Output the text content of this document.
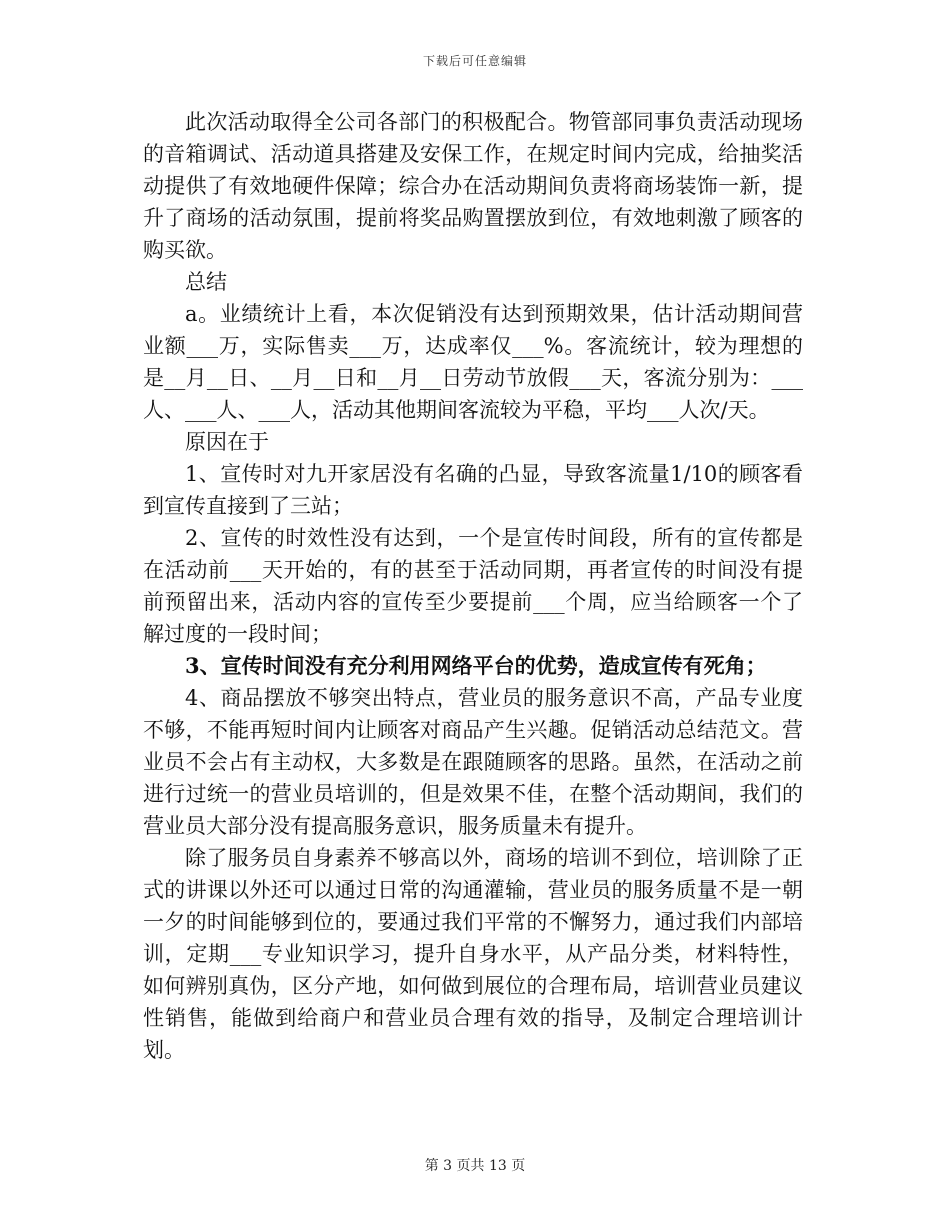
下载后可任意编辑

此次活动取得全公司各部门的积极配合。物管部同事负责活动现场的音箱调试、活动道具搭建及安保工作，在规定时间内完成，给抽奖活动提供了有效地硬件保障；综合办在活动期间负责将商场装饰一新，提升了商场的活动氛围，提前将奖品购置摆放到位，有效地刺激了顾客的购买欲。

总结

a。业绩统计上看，本次促销没有达到预期效果，估计活动期间营业额___万，实际售卖___万，达成率仅___%。客流统计，较为理想的是__月__日、__月__日和__月__日劳动节放假___天，客流分别为：___人、___人、___人，活动其他期间客流较为平稳，平均___人次/天。

原因在于

1、宣传时对九开家居没有名确的凸显，导致客流量1/10的顾客看到宣传直接到了三站；

2、宣传的时效性没有达到，一个是宣传时间段，所有的宣传都是在活动前___天开始的，有的甚至于活动同期，再者宣传的时间没有提前预留出来，活动内容的宣传至少要提前___个周，应当给顾客一个了解过度的一段时间；

3、宣传时间没有充分利用网络平台的优势，造成宣传有死角；

4、商品摆放不够突出特点，营业员的服务意识不高，产品专业度不够，不能再短时间内让顾客对商品产生兴趣。促销活动总结范文。营业员不会占有主动权，大多数是在跟随顾客的思路。虽然，在活动之前进行过统一的营业员培训的，但是效果不佳，在整个活动期间，我们的营业员大部分没有提高服务意识，服务质量未有提升。

除了服务员自身素养不够高以外，商场的培训不到位，培训除了正式的讲课以外还可以通过日常的沟通灌输，营业员的服务质量不是一朝一夕的时间能够到位的，要通过我们平常的不懈努力，通过我们内部培训，定期___专业知识学习，提升自身水平，从产品分类，材料特性，如何辨别真伪，区分产地，如何做到展位的合理布局，培训营业员建议性销售，能做到给商户和营业员合理有效的指导，及制定合理培训计划。

第 3 页共 13 页
